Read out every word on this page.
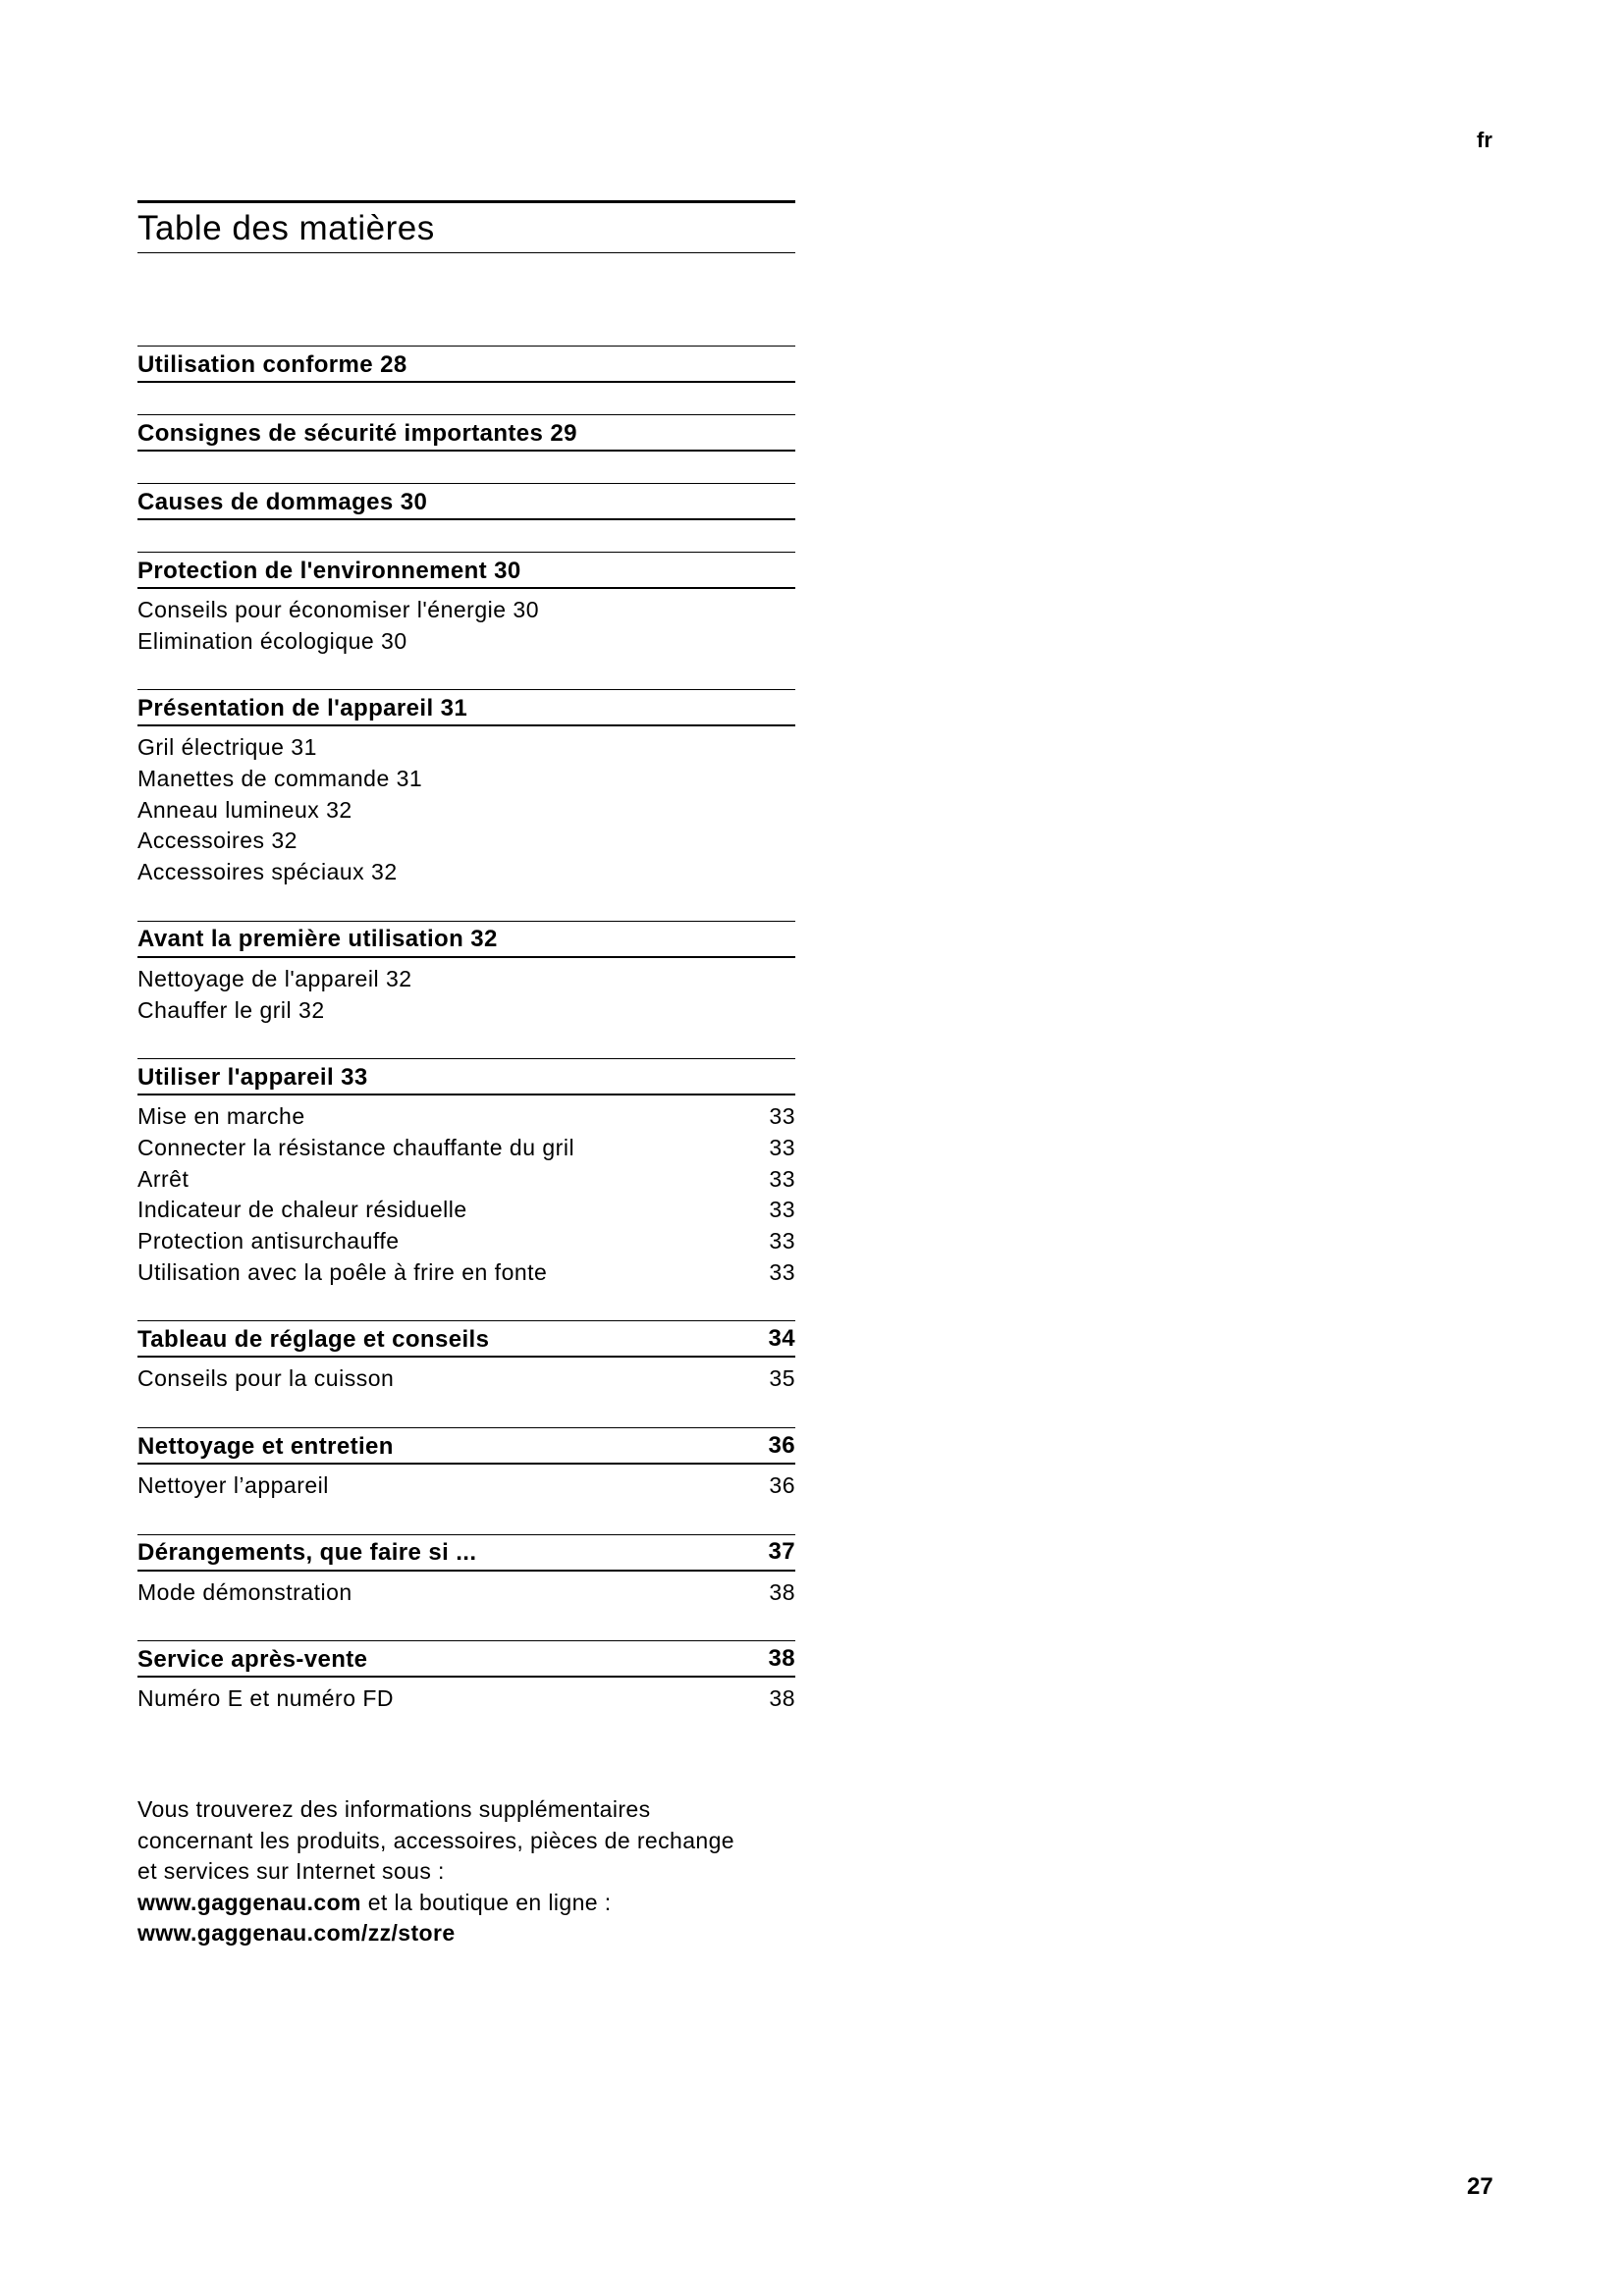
fr
Table des matières
Utilisation conforme 28
Consignes de sécurité importantes 29
Causes de dommages 30
Protection de l'environnement 30
Conseils pour économiser l'énergie 30
Elimination écologique 30
Présentation de l'appareil 31
Gril électrique 31
Manettes de commande 31
Anneau lumineux 32
Accessoires 32
Accessoires spéciaux 32
Avant la première utilisation 32
Nettoyage de l'appareil 32
Chauffer le gril 32
Utiliser l'appareil 33
Mise en marche	33
Connecter la résistance chauffante du gril	33
Arrêt	33
Indicateur de chaleur résiduelle	33
Protection antisurchauffe	33
Utilisation avec la poêle à frire en fonte	33
Tableau de réglage et conseils	34
Conseils pour la cuisson	35
Nettoyage et entretien	36
Nettoyer l’appareil	36
Dérangements, que faire si ...	37
Mode démonstration	38
Service après-vente	38
Numéro E et numéro FD	38
Vous trouverez des informations supplémentaires concernant les produits, accessoires, pièces de rechange et services sur Internet sous :
www.gaggenau.com et la boutique en ligne :
www.gaggenau.com/zz/store
27
